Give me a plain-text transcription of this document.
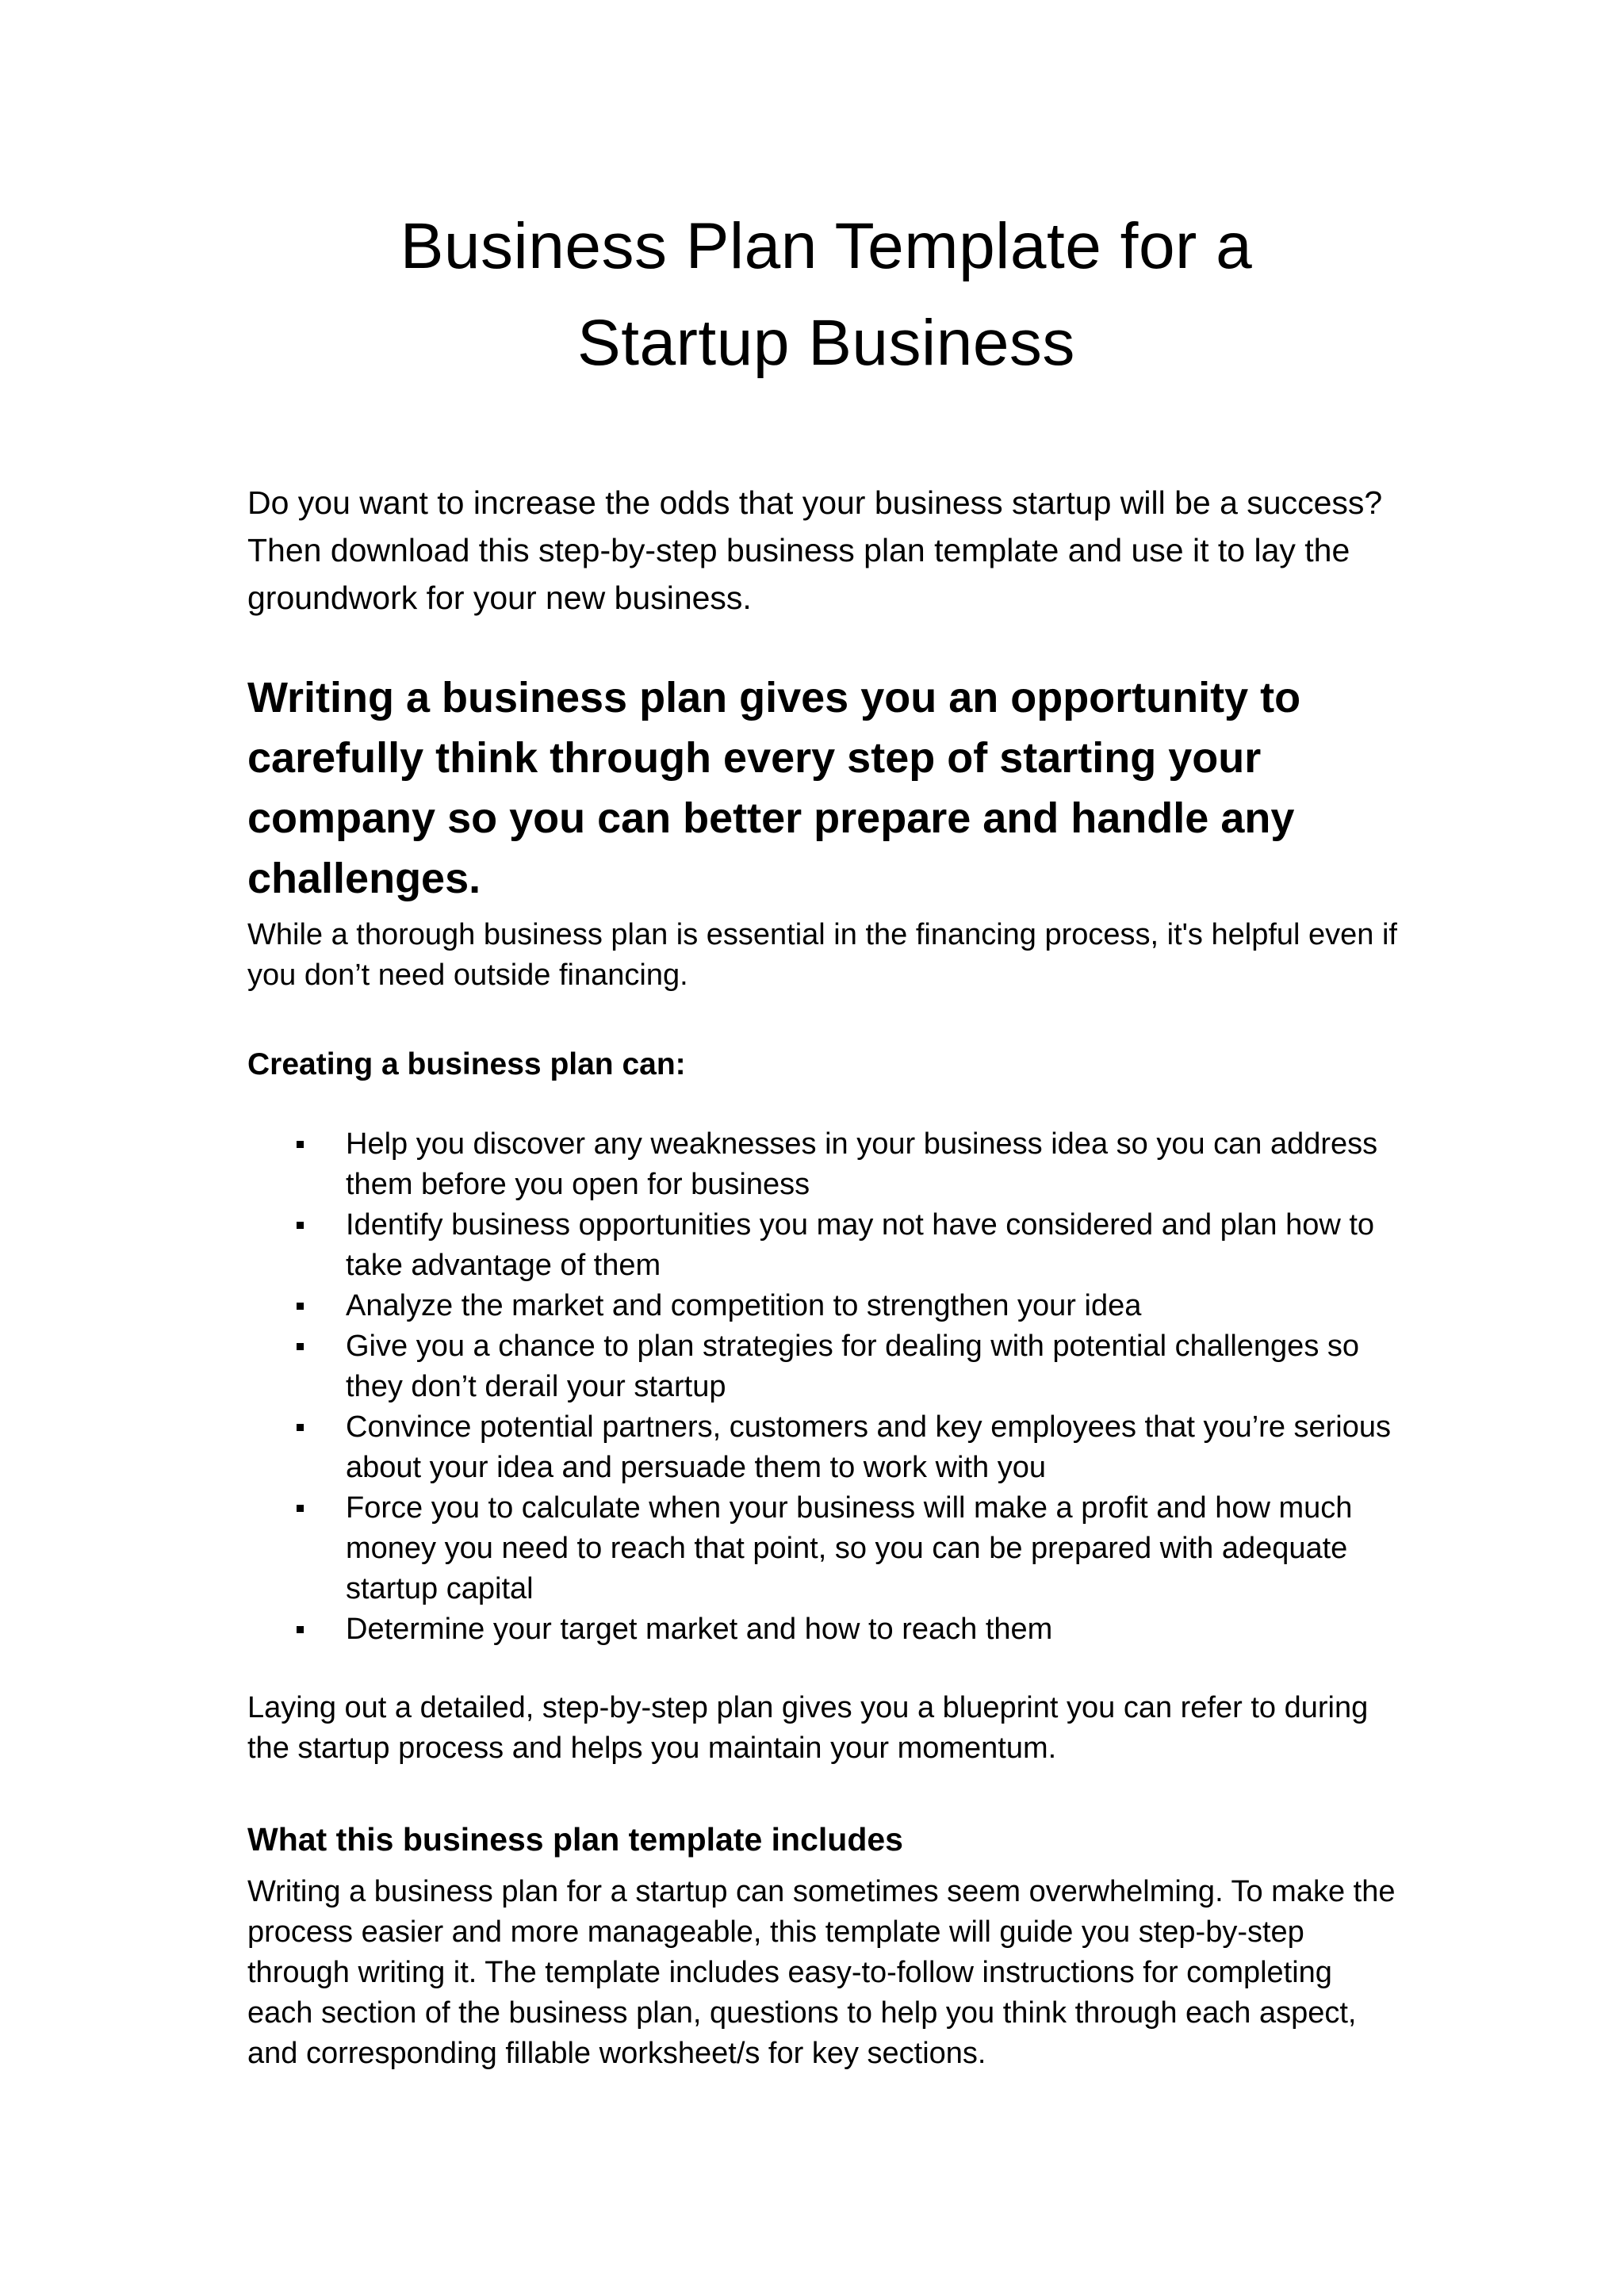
Business Plan Template for a
Startup Business

Do you want to increase the odds that your business startup will be a success? Then download this step-by-step business plan template and use it to lay the groundwork for your new business.

Writing a business plan gives you an opportunity to carefully think through every step of starting your company so you can better prepare and handle any challenges.

While a thorough business plan is essential in the financing process, it's helpful even if you don’t need outside financing.

Creating a business plan can:
Help you discover any weaknesses in your business idea so you can address them before you open for business
Identify business opportunities you may not have considered and plan how to take advantage of them
Analyze the market and competition to strengthen your idea
Give you a chance to plan strategies for dealing with potential challenges so they don’t derail your startup
Convince potential partners, customers and key employees that you’re serious about your idea and persuade them to work with you
Force you to calculate when your business will make a profit and how much money you need to reach that point, so you can be prepared with adequate startup capital
Determine your target market and how to reach them

Laying out a detailed, step-by-step plan gives you a blueprint you can refer to during the startup process and helps you maintain your momentum.

What this business plan template includes

Writing a business plan for a startup can sometimes seem overwhelming. To make the process easier and more manageable, this template will guide you step-by-step through writing it. The template includes easy-to-follow instructions for completing each section of the business plan, questions to help you think through each aspect, and corresponding fillable worksheet/s for key sections.
